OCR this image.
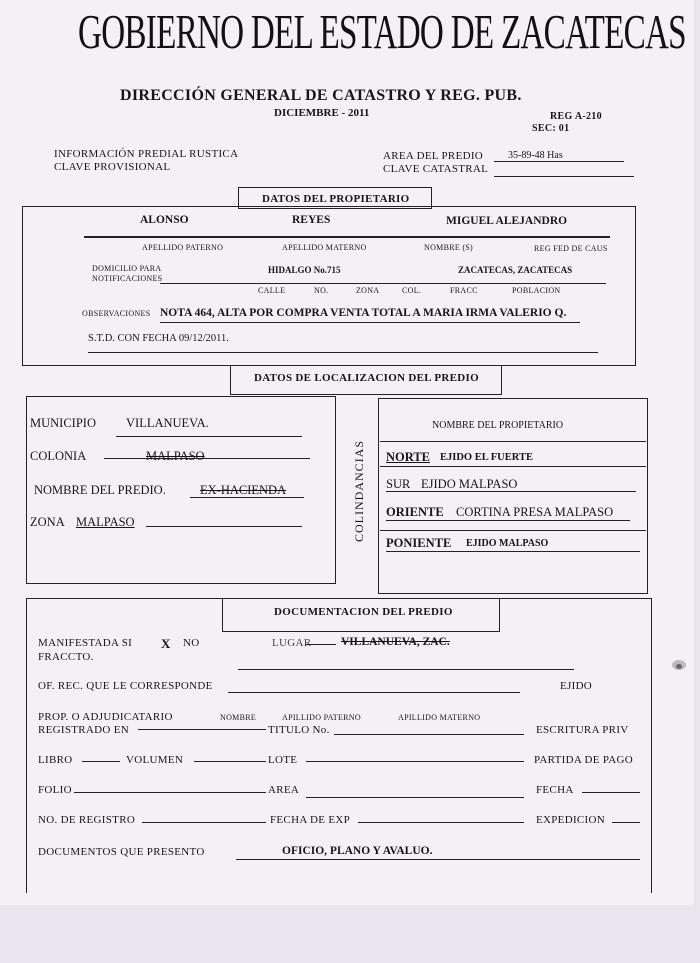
GOBIERNO DEL ESTADO DE ZACATECAS
DIRECCIÓN GENERAL DE CATASTRO Y REG. PUB.
DICIEMBRE - 2011	REG A-210
SEC: 01
INFORMACIÓN PREDIAL RUSTICA
CLAVE PROVISIONAL
AREA DEL PREDIO 35-89-48 Has
CLAVE CATASTRAL
DATOS DEL PROPIETARIO
ALONSO	REYES	MIGUEL ALEJANDRO
APELLIDO PATERNO	APELLIDO MATERNO	NOMBRE (S)	REG FED DE CAUS
DOMICILIO PARA
NOTIFICACIONES
HIDALGO No.715	ZACATECAS, ZACATECAS
CALLE	NO.	ZONA	COL.	FRACC	POBLACION
OBSERVACIONES NOTA 464, ALTA POR COMPRA VENTA TOTAL A MARIA IRMA VALERIO Q.
S.T.D. CON FECHA 09/12/2011.
DATOS DE LOCALIZACION DEL PREDIO
MUNICIPIO VILLANUEVA.
COLONIA	MALPASO
NOMBRE DEL PREDIO.	EX-HACIENDA
ZONA MALPASO	COLINDANCIAS
NOMBRE DEL PROPIETARIO
NORTE EJIDO EL FUERTE
SUR EJIDO MALPASO
ORIENTE CORTINA PRESA MALPASO
PONIENTE EJIDO MALPASO
DOCUMENTACION DEL PREDIO
MANIFESTADA SI X NO
FRACCTO.
LUGAR	VILLANUEVA, ZAC.
OF. REC. QUE LE CORRESPONDE	EJIDO
PROP. O ADJUDICATARIO	NOMBRE	APILLIDO PATERNO	APILLIDO MATERNO
REGISTRADO EN	TITULO No.	ESCRITURA PRIV
LIBRO	VOLUMEN	LOTE	PARTIDA DE PAGO
FOLIO	AREA	FECHA
NO. DE REGISTRO	FECHA DE EXP	EXPEDICION
DOCUMENTOS QUE PRESENTO	OFICIO, PLANO Y AVALUO.
